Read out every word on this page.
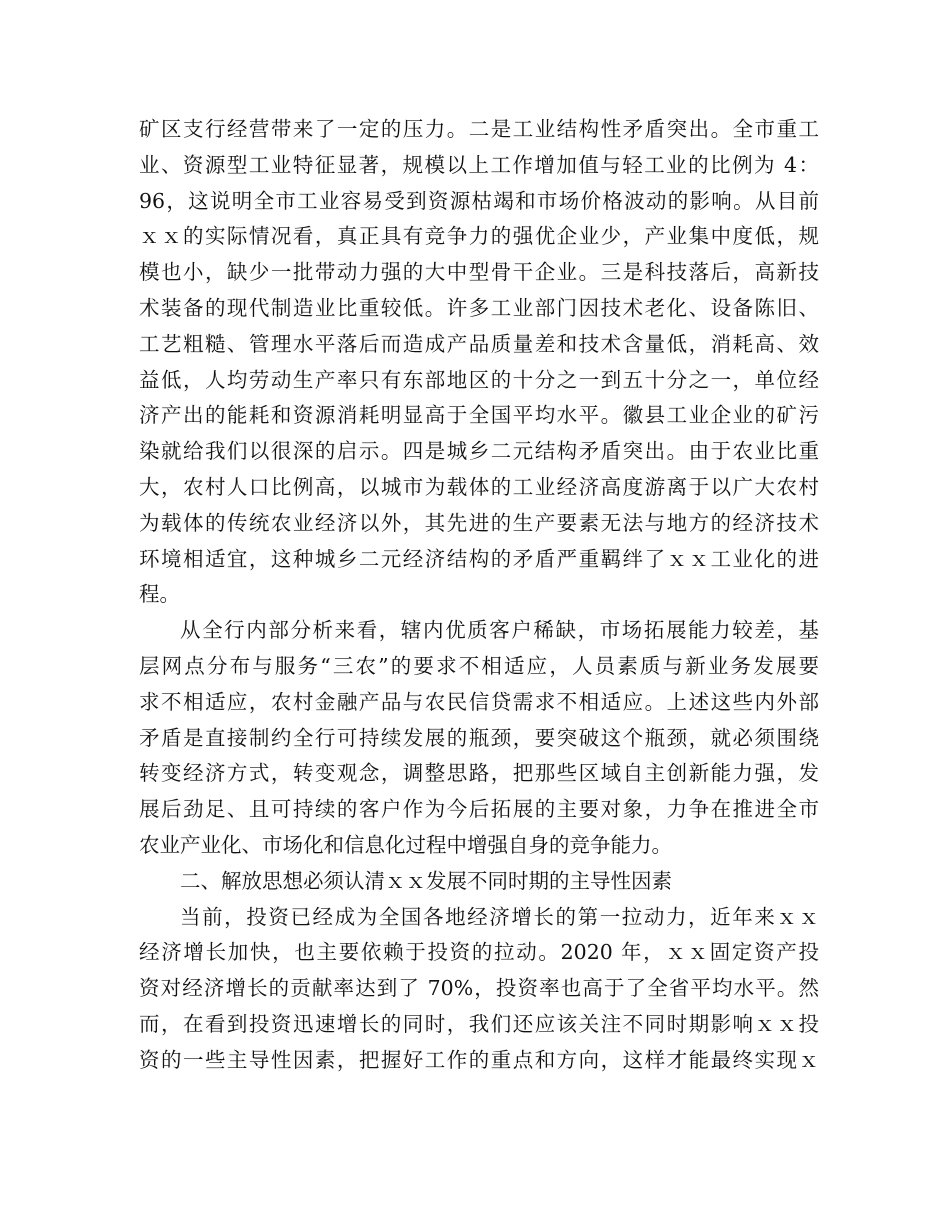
矿区支行经营带来了一定的压力。二是工业结构性矛盾突出。全市重工
业、资源型工业特征显著，规模以上工作增加值与轻工业的比例为 4：
96，这说明全市工业容易受到资源枯竭和市场价格波动的影响。从目前
ｘｘ的实际情况看，真正具有竞争力的强优企业少，产业集中度低，规
模也小，缺少一批带动力强的大中型骨干企业。三是科技落后，高新技
术装备的现代制造业比重较低。许多工业部门因技术老化、设备陈旧、
工艺粗糙、管理水平落后而造成产品质量差和技术含量低，消耗高、效
益低，人均劳动生产率只有东部地区的十分之一到五十分之一，单位经
济产出的能耗和资源消耗明显高于全国平均水平。徽县工业企业的矿污
染就给我们以很深的启示。四是城乡二元结构矛盾突出。由于农业比重
大，农村人口比例高，以城市为载体的工业经济高度游离于以广大农村
为载体的传统农业经济以外，其先进的生产要素无法与地方的经济技术
环境相适宜，这种城乡二元经济结构的矛盾严重羁绊了ｘｘ工业化的进
程。
从全行内部分析来看，辖内优质客户稀缺，市场拓展能力较差，基
层网点分布与服务“三农”的要求不相适应，人员素质与新业务发展要
求不相适应，农村金融产品与农民信贷需求不相适应。上述这些内外部
矛盾是直接制约全行可持续发展的瓶颈，要突破这个瓶颈，就必须围绕
转变经济方式，转变观念，调整思路，把那些区域自主创新能力强，发
展后劲足、且可持续的客户作为今后拓展的主要对象，力争在推进全市
农业产业化、市场化和信息化过程中增强自身的竞争能力。
二、解放思想必须认清ｘｘ发展不同时期的主导性因素
当前，投资已经成为全国各地经济增长的第一拉动力，近年来ｘｘ
经济增长加快，也主要依赖于投资的拉动。2020 年，ｘｘ固定资产投
资对经济增长的贡献率达到了 70%，投资率也高于了全省平均水平。然
而，在看到投资迅速增长的同时，我们还应该关注不同时期影响ｘｘ投
资的一些主导性因素，把握好工作的重点和方向，这样才能最终实现ｘ
